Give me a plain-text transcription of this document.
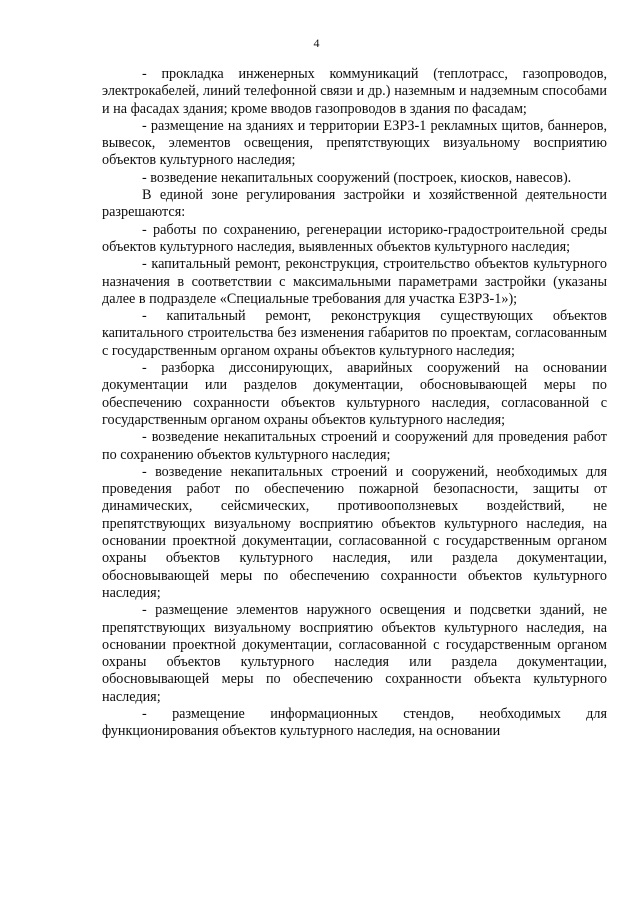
4

- прокладка инженерных коммуникаций (теплотрасс, газопроводов, электрокабелей, линий телефонной связи и др.) наземным и надземным способами и на фасадах здания; кроме вводов газопроводов в здания по фасадам;

- размещение на зданиях и территории ЕЗРЗ-1 рекламных щитов, баннеров, вывесок, элементов освещения, препятствующих визуальному восприятию объектов культурного наследия;

- возведение некапитальных сооружений (построек, киосков, навесов).

В единой зоне регулирования застройки и хозяйственной деятельности разрешаются:

- работы по сохранению, регенерации историко-градостроительной среды объектов культурного наследия, выявленных объектов культурного наследия;

- капитальный ремонт, реконструкция, строительство объектов культурного назначения в соответствии с максимальными параметрами застройки (указаны далее в подразделе «Специальные требования для участка ЕЗРЗ-1»);

- капитальный ремонт, реконструкция существующих объектов капитального строительства без изменения габаритов по проектам, согласованным с государственным органом охраны объектов культурного наследия;

- разборка диссонирующих, аварийных сооружений на основании документации или разделов документации, обосновывающей меры по обеспечению сохранности объектов культурного наследия, согласованной с государственным органом охраны объектов культурного наследия;

- возведение некапитальных строений и сооружений для проведения работ по сохранению объектов культурного наследия;

- возведение некапитальных строений и сооружений, необходимых для проведения работ по обеспечению пожарной безопасности, защиты от динамических, сейсмических, противооползневых воздействий, не препятствующих визуальному восприятию объектов культурного наследия, на основании проектной документации, согласованной с государственным органом охраны объектов культурного наследия, или раздела документации, обосновывающей меры по обеспечению сохранности объектов культурного наследия;

- размещение элементов наружного освещения и подсветки зданий, не препятствующих визуальному восприятию объектов культурного наследия, на основании проектной документации, согласованной с государственным органом охраны объектов культурного наследия или раздела документации, обосновывающей меры по обеспечению сохранности объекта культурного наследия;

- размещение информационных стендов, необходимых для функционирования объектов культурного наследия, на основании
